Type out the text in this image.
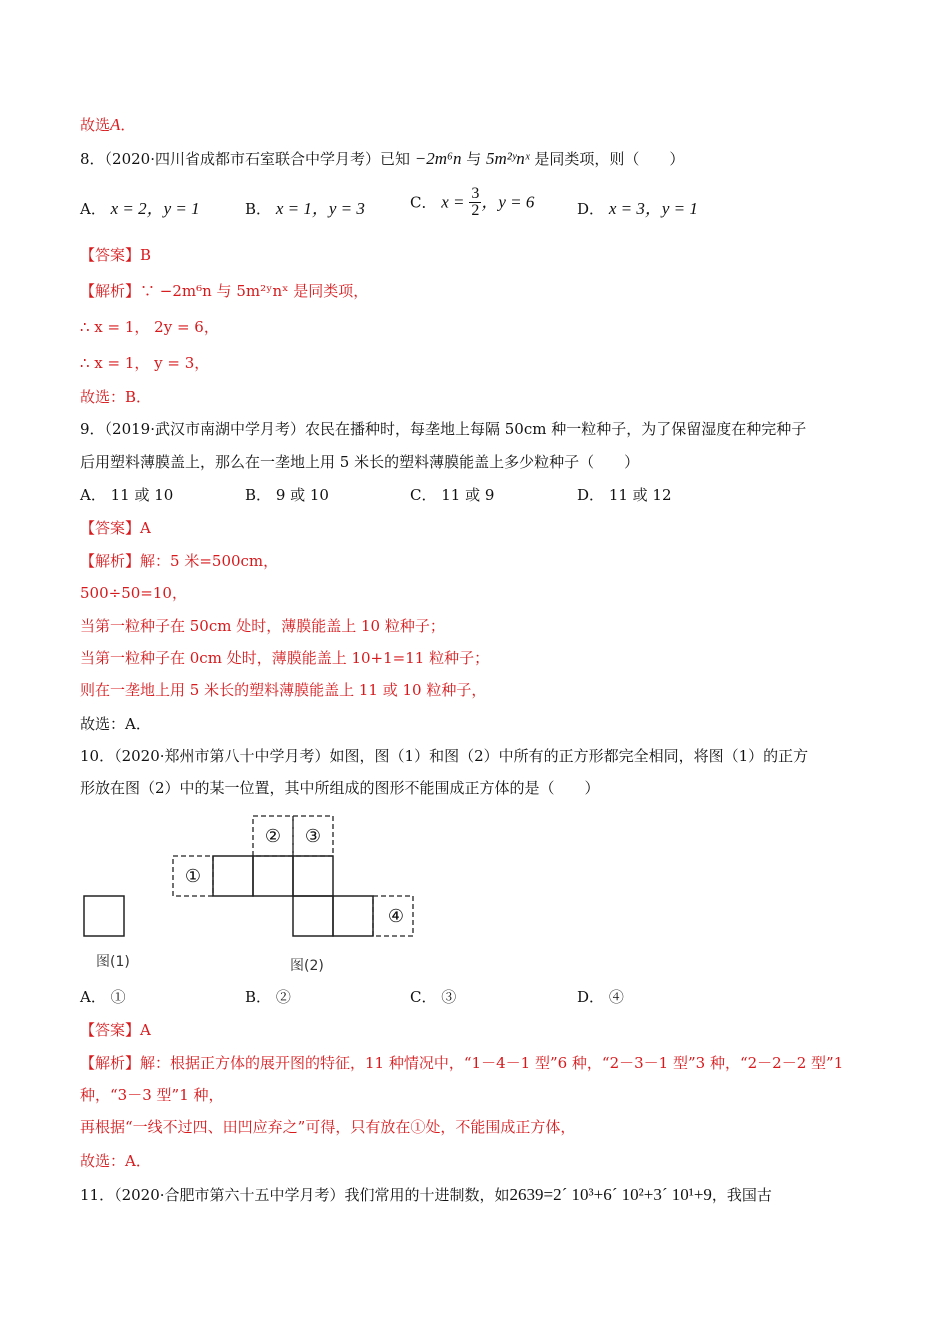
故选A．
8．（2020·四川省成都市石室联合中学月考）已知 −2m⁶n 与 5m²ʸnˣ 是同类项，则（　　）
A． x = 2，y = 1	B． x = 1，y = 3	C． $x = \frac{3}{2}$ ，y = 6	D． x = 3，y = 1
【答案】B
【解析】∵ −2m⁶n 与 5m²ʸnˣ 是同类项，
∴ x = 1， 2y = 6，
∴ x = 1， y = 3，
故选：B．
9．（2019·武汉市南湖中学月考）农民在播种时，每垄地上每隔 50cm 种一粒种子，为了保留湿度在种完种子
后用塑料薄膜盖上，那么在一垄地上用 5 米长的塑料薄膜能盖上多少粒种子（　　）
A． 11 或 10	B． 9 或 10	C． 11 或 9	D． 11 或 12
【答案】A
【解析】解：5 米=500cm，
500÷50=10，
当第一粒种子在 50cm 处时，薄膜能盖上 10 粒种子；
当第一粒种子在 0cm 处时，薄膜能盖上 10+1=11 粒种子；
则在一垄地上用 5 米长的塑料薄膜能盖上 11 或 10 粒种子，
故选：A．
10．（2020·郑州市第八十中学月考）如图，图（1）和图（2）中所有的正方形都完全相同，将图（1）的正方
形放在图（2）中的某一位置，其中所组成的图形不能围成正方体的是（　　）
图(1)
①
② ③
④
图(2)
A． ①	B． ②	C． ③	D． ④
【答案】A
【解析】解：根据正方体的展开图的特征，11 种情况中，“1－4－1 型”6 种，“2－3－1 型”3 种，“2－2－2 型”1
种，“3－3 型”1 种，
再根据“一线不过四、田凹应弃之”可得，只有放在①处，不能围成正方体，
故选：A．
11．（2020·合肥市第六十五中学月考）我们常用的十进制数，如2639=2´ 10³+6´ 10²+3´ 10¹+9，我国古
